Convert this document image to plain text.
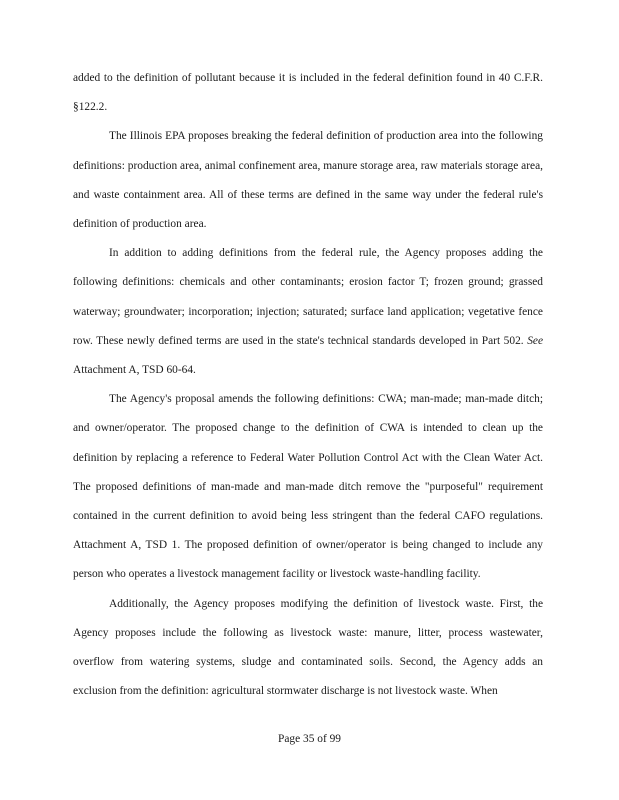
added to the definition of pollutant because it is included in the federal definition found in 40 C.F.R. §122.2.

The Illinois EPA proposes breaking the federal definition of production area into the following definitions: production area, animal confinement area, manure storage area, raw materials storage area, and waste containment area. All of these terms are defined in the same way under the federal rule's definition of production area.

In addition to adding definitions from the federal rule, the Agency proposes adding the following definitions: chemicals and other contaminants; erosion factor T; frozen ground; grassed waterway; groundwater; incorporation; injection; saturated; surface land application; vegetative fence row. These newly defined terms are used in the state's technical standards developed in Part 502. See Attachment A, TSD 60-64.

The Agency's proposal amends the following definitions: CWA; man-made; man-made ditch; and owner/operator. The proposed change to the definition of CWA is intended to clean up the definition by replacing a reference to Federal Water Pollution Control Act with the Clean Water Act. The proposed definitions of man-made and man-made ditch remove the "purposeful" requirement contained in the current definition to avoid being less stringent than the federal CAFO regulations. Attachment A, TSD 1. The proposed definition of owner/operator is being changed to include any person who operates a livestock management facility or livestock waste-handling facility.

Additionally, the Agency proposes modifying the definition of livestock waste. First, the Agency proposes include the following as livestock waste: manure, litter, process wastewater, overflow from watering systems, sludge and contaminated soils. Second, the Agency adds an exclusion from the definition: agricultural stormwater discharge is not livestock waste. When

Page 35 of 99
